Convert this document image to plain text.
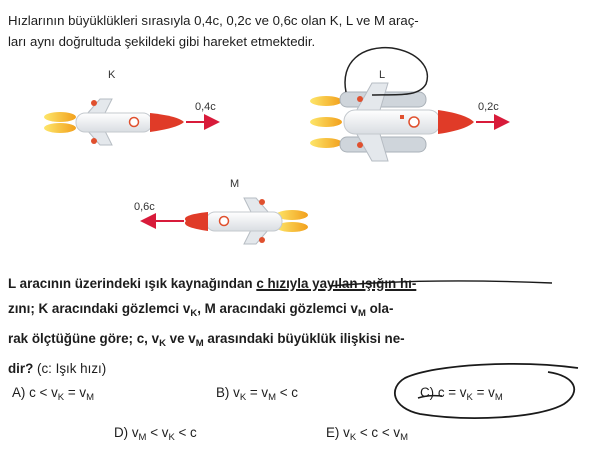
Hızlarının büyüklükleri sırasıyla 0,4c, 0,2c ve 0,6c olan K, L ve M araç-
ları aynı doğrultuda şekildeki gibi hareket etmektedir.
K
0,4c
L
0,2c
M
0,6c
L aracının üzerindeki ışık kaynağından c hızıyla yayılan ışığın hı-
zını; K aracındaki gözlemci $v_K$, M aracındaki gözlemci $v_M$ ola-
rak ölçtüğüne göre; c, $v_K$ ve $v_M$ arasındaki büyüklük ilişkisi ne-
dir? (c: Işık hızı)
A) $c < v_K = v_M$	B) $v_K = v_M < c$	C) $c = v_K = v_M$
D) $v_M < v_K < c$	E) $v_K < c < v_M$
